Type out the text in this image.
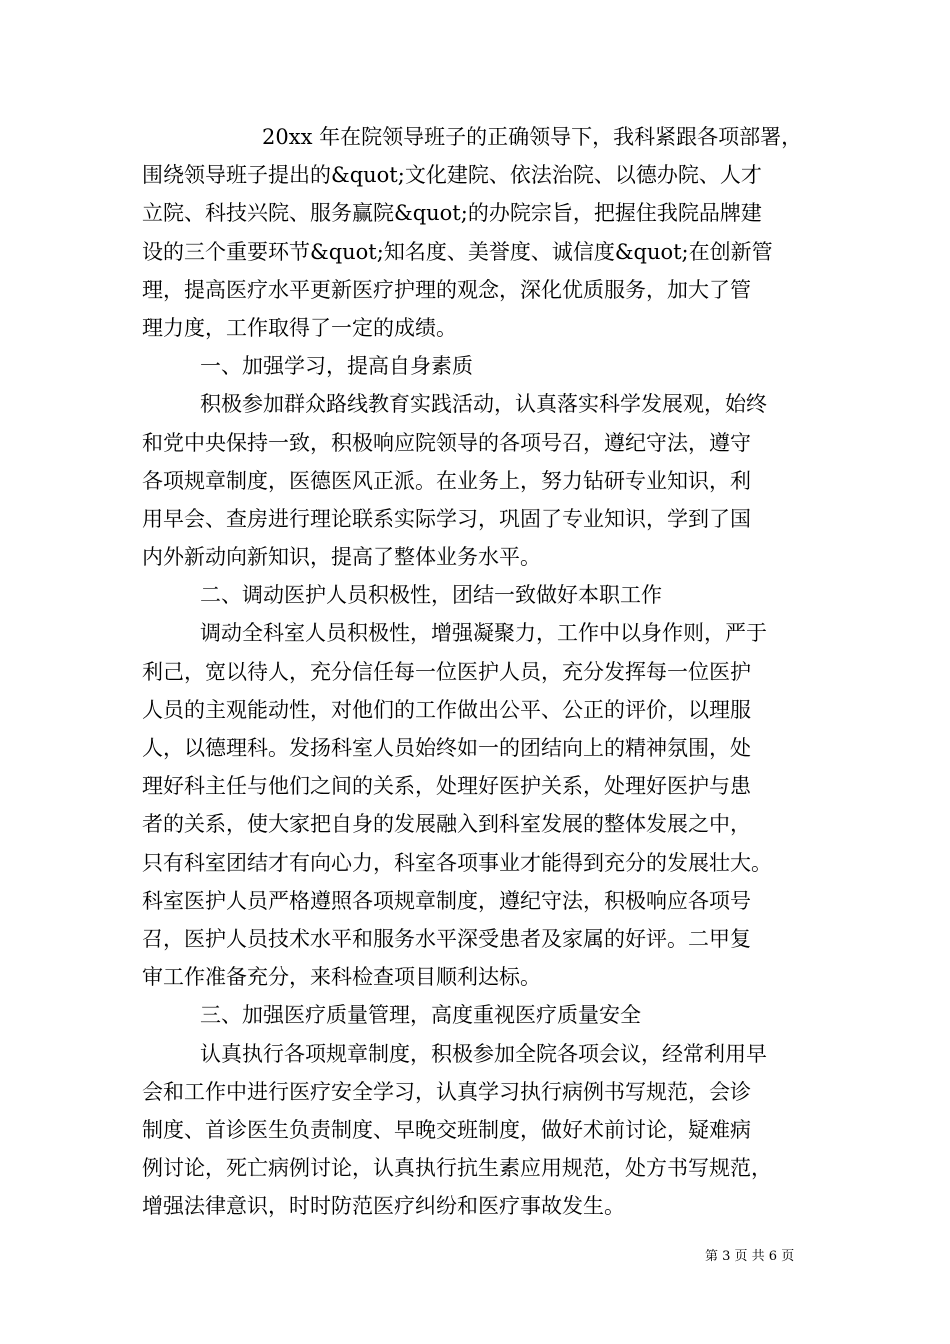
20xx 年在院领导班子的正确领导下，我科紧跟各项部署，
围绕领导班子提出的&quot;文化建院、依法治院、以德办院、人才
立院、科技兴院、服务赢院&quot;的办院宗旨，把握住我院品牌建
设的三个重要环节&quot;知名度、美誉度、诚信度&quot;在创新管
理，提高医疗水平更新医疗护理的观念，深化优质服务，加大了管
理力度，工作取得了一定的成绩。
一、加强学习，提高自身素质
积极参加群众路线教育实践活动，认真落实科学发展观，始终
和党中央保持一致，积极响应院领导的各项号召，遵纪守法，遵守
各项规章制度，医德医风正派。在业务上，努力钻研专业知识，利
用早会、查房进行理论联系实际学习，巩固了专业知识，学到了国
内外新动向新知识，提高了整体业务水平。
二、调动医护人员积极性，团结一致做好本职工作
调动全科室人员积极性，增强凝聚力，工作中以身作则，严于
利己，宽以待人，充分信任每一位医护人员，充分发挥每一位医护
人员的主观能动性，对他们的工作做出公平、公正的评价，以理服
人，以德理科。发扬科室人员始终如一的团结向上的精神氛围，处
理好科主任与他们之间的关系，处理好医护关系，处理好医护与患
者的关系，使大家把自身的发展融入到科室发展的整体发展之中，
只有科室团结才有向心力，科室各项事业才能得到充分的发展壮大。
科室医护人员严格遵照各项规章制度，遵纪守法，积极响应各项号
召，医护人员技术水平和服务水平深受患者及家属的好评。二甲复
审工作准备充分，来科检查项目顺利达标。
三、加强医疗质量管理，高度重视医疗质量安全
认真执行各项规章制度，积极参加全院各项会议，经常利用早
会和工作中进行医疗安全学习，认真学习执行病例书写规范，会诊
制度、首诊医生负责制度、早晚交班制度，做好术前讨论，疑难病
例讨论，死亡病例讨论，认真执行抗生素应用规范，处方书写规范，
增强法律意识，时时防范医疗纠纷和医疗事故发生。
第 3 页 共 6 页
